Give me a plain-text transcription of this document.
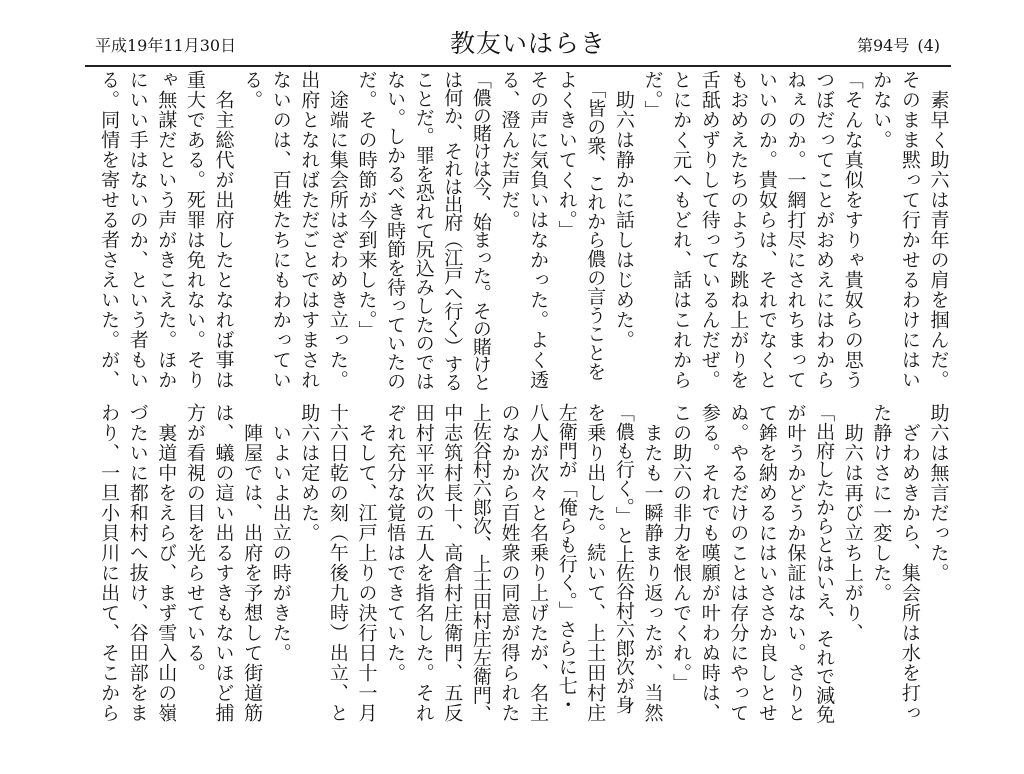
平成19年11月30日	教友いはらき	第94号 (4)
　素早く助六は青年の肩を掴んだ。
そのまま黙って行かせるわけにはい
かない。
「そんな真似をすりゃ貴奴らの思う
つぼだってことがおめえにはわから
ねぇのか。一網打尽にされちまって
いいのか。貴奴らは、それでなくと
もおめえたちのような跳ね上がりを
舌舐めずりして待っているんだぜ。
とにかく元へもどれ、話はこれから
だ。」
　助六は静かに話しはじめた。
　「皆の衆、これから儂の言うことを
よくきいてくれ。」
その声に気負いはなかった。よく透
る、澄んだ声だ。
「儂の賭けは今、始まった。その賭けと
は何か、それは出府（江戸へ行く）する
ことだ。罪を恐れて尻込みしたのでは
ない。しかるべき時節を待っていたの
だ。その時節が今到来した。」
　途端に集会所はざわめき立った。
出府となればただごとではすまされ
ないのは、百姓たちにもわかってい
る。
　名主総代が出府したとなれば事は
重大である。死罪は免れない。そり
ゃ無謀だという声がきこえた。ほか
にいい手はないのか、という者もい
る。同情を寄せる者さえいた。が、
助六は無言だった。
　ざわめきから、集会所は水を打っ
た静けさに一変した。
　助六は再び立ち上がり、
「出府したからとはいえ、それで減免
が叶うかどうか保証はない。さりと
て鉾を納めるにはいささか良しとせ
ぬ。やるだけのことは存分にやって
参る。それでも嘆願が叶わぬ時は、
この助六の非力を恨んでくれ。」
　またも一瞬静まり返ったが、当然
「儂も行く。」と上佐谷村六郎次が身
を乗り出した。続いて、上土田村庄
左衛門が「俺らも行く。」さらに七・
八人が次々と名乗り上げたが、名主
のなかから百姓衆の同意が得られた
上佐谷村六郎次、上土田村庄左衛門、
中志筑村長十、高倉村庄衛門、五反
田村平平次の五人を指名した。それ
ぞれ充分な覚悟はできていた。
　そして、江戸上りの決行日十一月
十六日乾の刻（午後九時）出立、と
助六は定めた。
　いよいよ出立の時がきた。
　陣屋では、出府を予想して街道筋
は、蟻の這い出るすきもないほど捕
方が看視の目を光らせている。
　裏道中をえらび、まず雪入山の嶺
づたいに都和村へ抜け、谷田部をま
わり、一旦小貝川に出て、そこから
